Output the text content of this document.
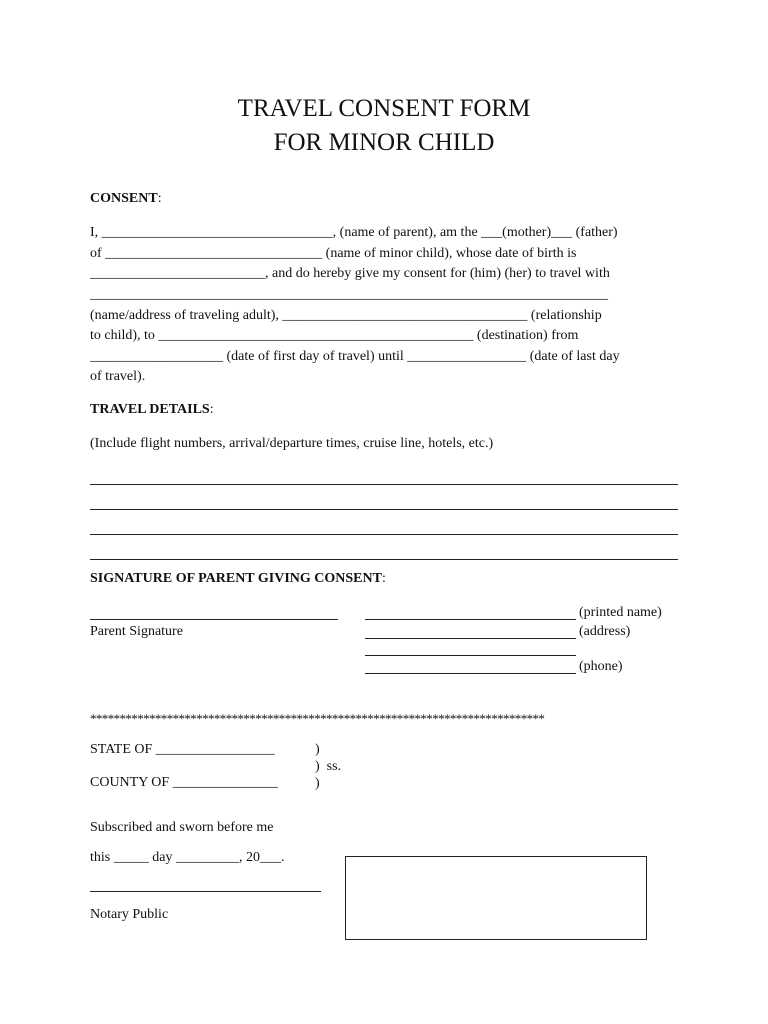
TRAVEL CONSENT FORM
FOR MINOR CHILD
CONSENT:
I, _________________________________, (name of parent), am the ___(mother)___ (father)
of _______________________________ (name of minor child), whose date of birth is
_________________________, and do hereby give my consent for (him) (her) to travel with
__________________________________________________________________________
(name/address of traveling adult), ___________________________________ (relationship
to child), to _____________________________________________ (destination) from
___________________ (date of first day of travel) until _________________ (date of last day
of travel).
TRAVEL DETAILS:
(Include flight numbers, arrival/departure times, cruise line, hotels, etc.)
SIGNATURE OF PARENT GIVING CONSENT:
Parent Signature
(printed name)
(address)
(phone)
*****************************************************************************
STATE OF _________________	)
)  ss.
COUNTY OF _______________	)
Subscribed and sworn before me
this _____ day _________, 20___.
Notary Public
